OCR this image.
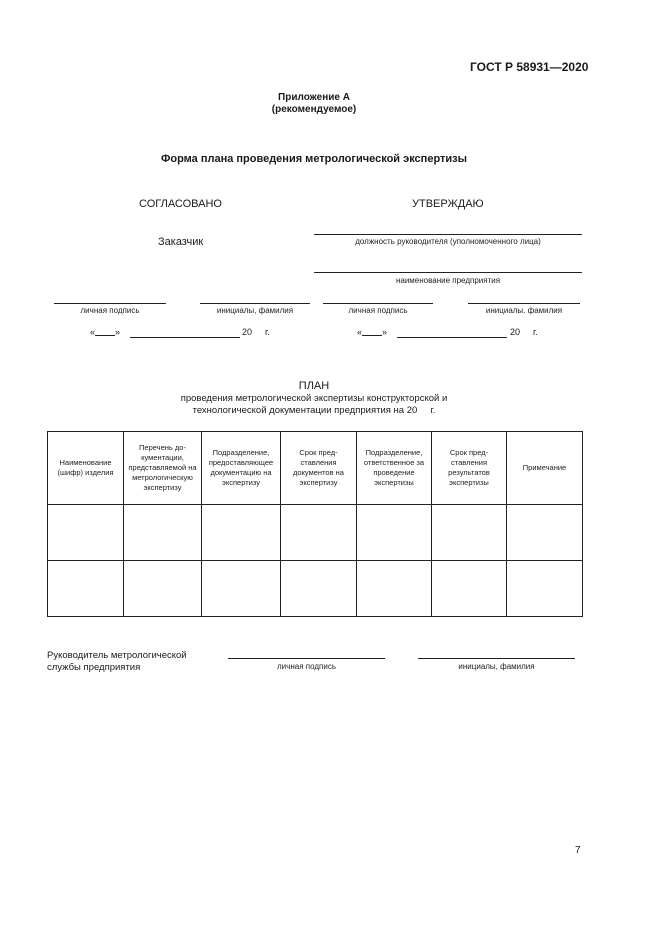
ГОСТ Р 58931—2020
Приложение А
(рекомендуемое)
Форма плана проведения метрологической экспертизы
СОГЛАСОВАНО	УТВЕРЖДАЮ
Заказчик	должность руководителя (уполномоченного лица)
наименование предприятия
личная подпись	инициалы, фамилия	личная подпись	инициалы. фамилия
« »	20 г.	« »	20 г.
ПЛАН
проведения метрологической экспертизы конструкторской и
технологической документации предприятия на 20     г.
Наименование (шифр) изделия	Перечень документации, представляемой на метрологическую экспертизу	Подразделение, предоставляющее документацию на экспертизу	Срок представления документов на экспертизу	Подразделение, ответственное за проведение экспертизы	Срок представления результатов экспертизы	Примечание

Руководитель метрологической
службы предприятия	личная подпись	инициалы, фамилия
7
